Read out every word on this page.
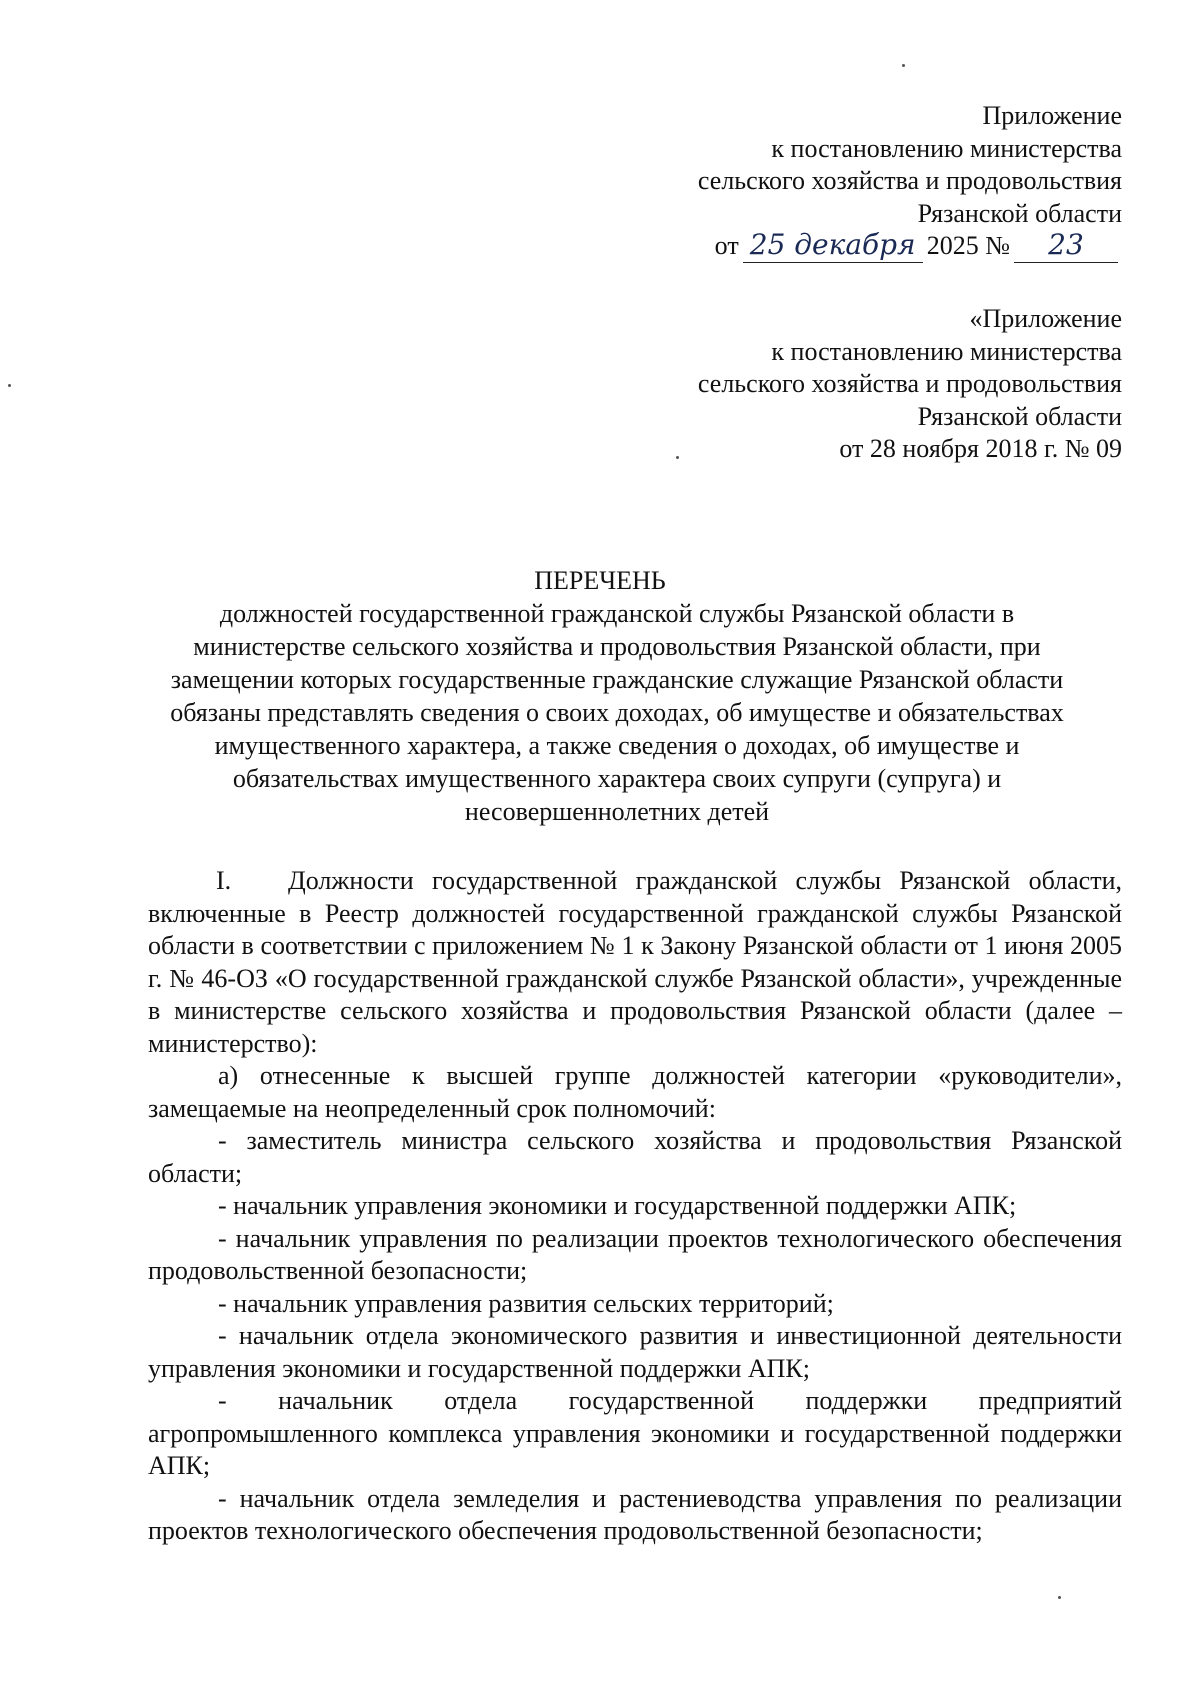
Приложение
к постановлению министерства
сельского хозяйства и продовольствия
Рязанской области
от 25 декабря 2025 №	23
«Приложение
к постановлению министерства
сельского хозяйства и продовольствия
Рязанской области
от 28 ноября 2018 г. № 09
ПЕРЕЧЕНЬ
должностей государственной гражданской службы Рязанской области в министерстве сельского хозяйства и продовольствия Рязанской области, при замещении которых государственные гражданские служащие Рязанской области обязаны представлять сведения о своих доходах, об имуществе и обязательствах имущественного характера, а также сведения о доходах, об имуществе и обязательствах имущественного характера своих супруги (супруга) и несовершеннолетних детей

I. Должности государственной гражданской службы Рязанской области, включенные в Реестр должностей государственной гражданской службы Рязанской области в соответствии с приложением № 1 к Закону Рязанской области от 1 июня 2005 г. № 46-ОЗ «О государственной гражданской службе Рязанской области», учрежденные в министерстве сельского хозяйства и продовольствия Рязанской области (далее – министерство):

а) отнесенные к высшей группе должностей категории «руководители», замещаемые на неопределенный срок полномочий:

- заместитель министра сельского хозяйства и продовольствия Рязанской области;

- начальник управления экономики и государственной поддержки АПК;

- начальник управления по реализации проектов технологического обеспечения продовольственной безопасности;

- начальник управления развития сельских территорий;

- начальник отдела экономического развития и инвестиционной деятельности управления экономики и государственной поддержки АПК;

- начальник отдела государственной поддержки предприятий агропромышленного комплекса управления экономики и государственной поддержки АПК;

- начальник отдела земледелия и растениеводства управления по реализации проектов технологического обеспечения продовольственной безопасности;
